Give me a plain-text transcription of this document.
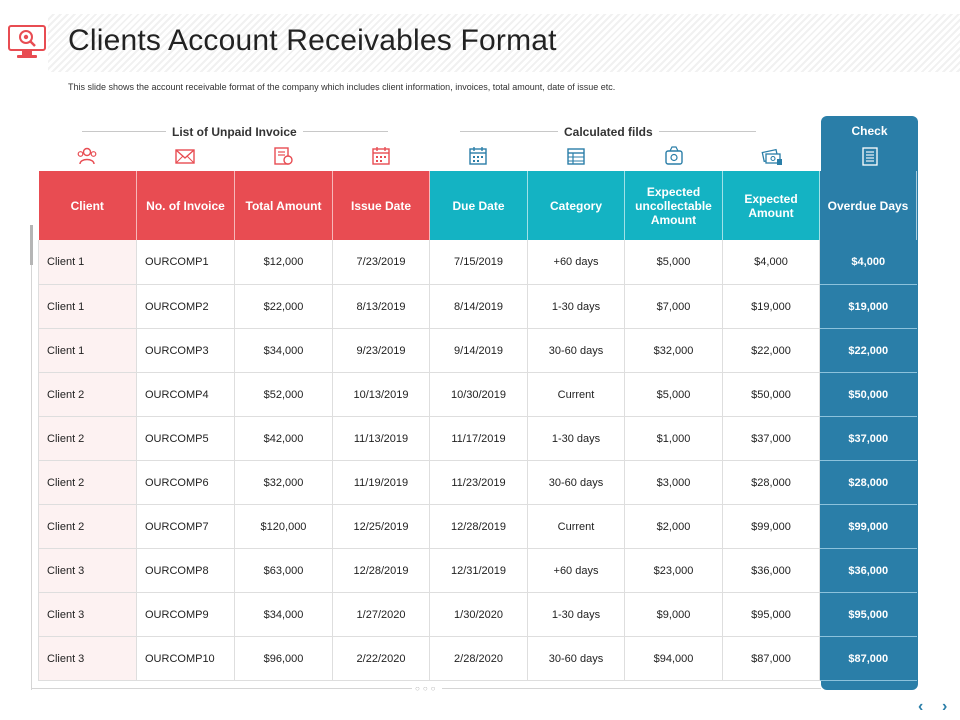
Clients Account Receivables Format
This slide shows the account receivable format of the company which includes client information, invoices, total amount, date of issue etc.
Check
List of Unpaid Invoice	Calculated filds
Client	No. of Invoice	Total Amount	Issue Date	Due Date	Category	Expected uncollectable Amount	Expected Amount	Overdue Days
Client 1	OURCOMP1	$12,000	7/23/2019	7/15/2019	+60 days	$5,000	$4,000	$4,000
Client 1	OURCOMP2	$22,000	8/13/2019	8/14/2019	1-30 days	$7,000	$19,000	$19,000
Client 1	OURCOMP3	$34,000	9/23/2019	9/14/2019	30-60 days	$32,000	$22,000	$22,000
Client 2	OURCOMP4	$52,000	10/13/2019	10/30/2019	Current	$5,000	$50,000	$50,000
Client 2	OURCOMP5	$42,000	11/13/2019	11/17/2019	1-30 days	$1,000	$37,000	$37,000
Client 2	OURCOMP6	$32,000	11/19/2019	11/23/2019	30-60 days	$3,000	$28,000	$28,000
Client 2	OURCOMP7	$120,000	12/25/2019	12/28/2019	Current	$2,000	$99,000	$99,000
Client 3	OURCOMP8	$63,000	12/28/2019	12/31/2019	+60 days	$23,000	$36,000	$36,000
Client 3	OURCOMP9	$34,000	1/27/2020	1/30/2020	1-30 days	$9,000	$95,000	$95,000
Client 3	OURCOMP10	$96,000	2/22/2020	2/28/2020	30-60 days	$94,000	$87,000	$87,000
○○○
‹ ›
